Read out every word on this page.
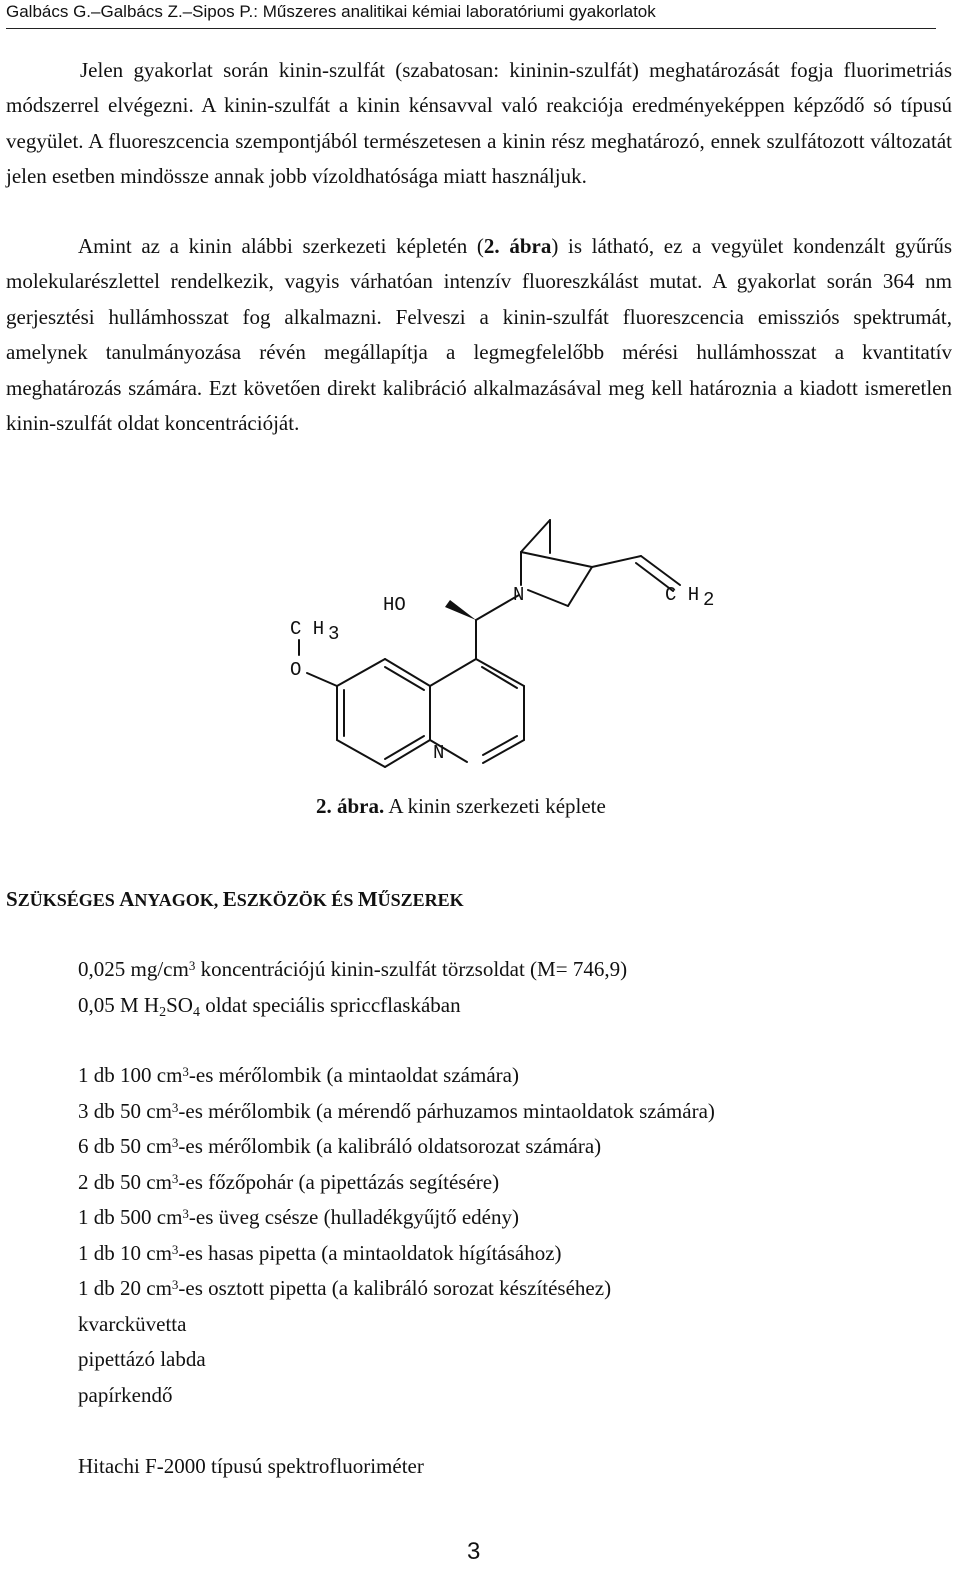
Galbács G.–Galbács Z.–Sipos P.: Műszeres analitikai kémiai laboratóriumi gyakorlatok

Jelen gyakorlat során kinin-szulfát (szabatosan: kininin-szulfát) meghatározását fogja fluorimetriás módszerrel elvégezni. A kinin-szulfát a kinin kénsavval való reakciója eredményeképpen képződő só típusú vegyület. A fluoreszcencia szempontjából természetesen a kinin rész meghatározó, ennek szulfátozott változatát jelen esetben mindössze annak jobb vízoldhatósága miatt használjuk.

Amint az a kinin alábbi szerkezeti képletén (2. ábra) is látható, ez a vegyület kondenzált gyűrűs molekularészlettel rendelkezik, vagyis várhatóan intenzív fluoreszkálást mutat. A gyakorlat során 364 nm gerjesztési hullámhosszat fog alkalmazni. Felveszi a kinin-szulfát fluoreszcencia emissziós spektrumát, amelynek tanulmányozása révén megállapítja a legmegfelelőbb mérési hullámhosszat a kvantitatív meghatározás számára. Ezt követően direkt kalibráció alkalmazásával meg kell határoznia a kiadott ismeretlen kinin-szulfát oldat koncentrációját.

C H 3
O
HO	N
N
C H 2
2. ábra. A kinin szerkezeti képlete
SZÜKSÉGES ANYAGOK, ESZKÖZÖK ÉS MŰSZEREK
0,025 $mg/cm^3$ koncentrációjú kinin-szulfát törzsoldat (M= 746,9)
0,05 M $H_2SO_4$ oldat speciális spriccflaskában
1 db 100 $cm^3-es$ mérőlombik (a mintaoldat számára)
3 db 50 $cm^3-es$ mérőlombik (a mérendő párhuzamos mintaoldatok számára)
6 db 50 $cm^3-es$ mérőlombik (a kalibráló oldatsorozat számára)
2 db 50 $cm^3-es$ főzőpohár (a pipettázás segítésére)
1 db 500 $cm^3-es$ üveg csésze (hulladékgyűjtő edény)
1 db 10 $cm^3-es$ hasas pipetta (a mintaoldatok hígításához)
1 db 20 $cm^3-es$ osztott pipetta (a kalibráló sorozat készítéséhez)
kvarcküvetta
pipettázó labda
papírkendő
Hitachi F-2000 típusú spektrofluoriméter
3
